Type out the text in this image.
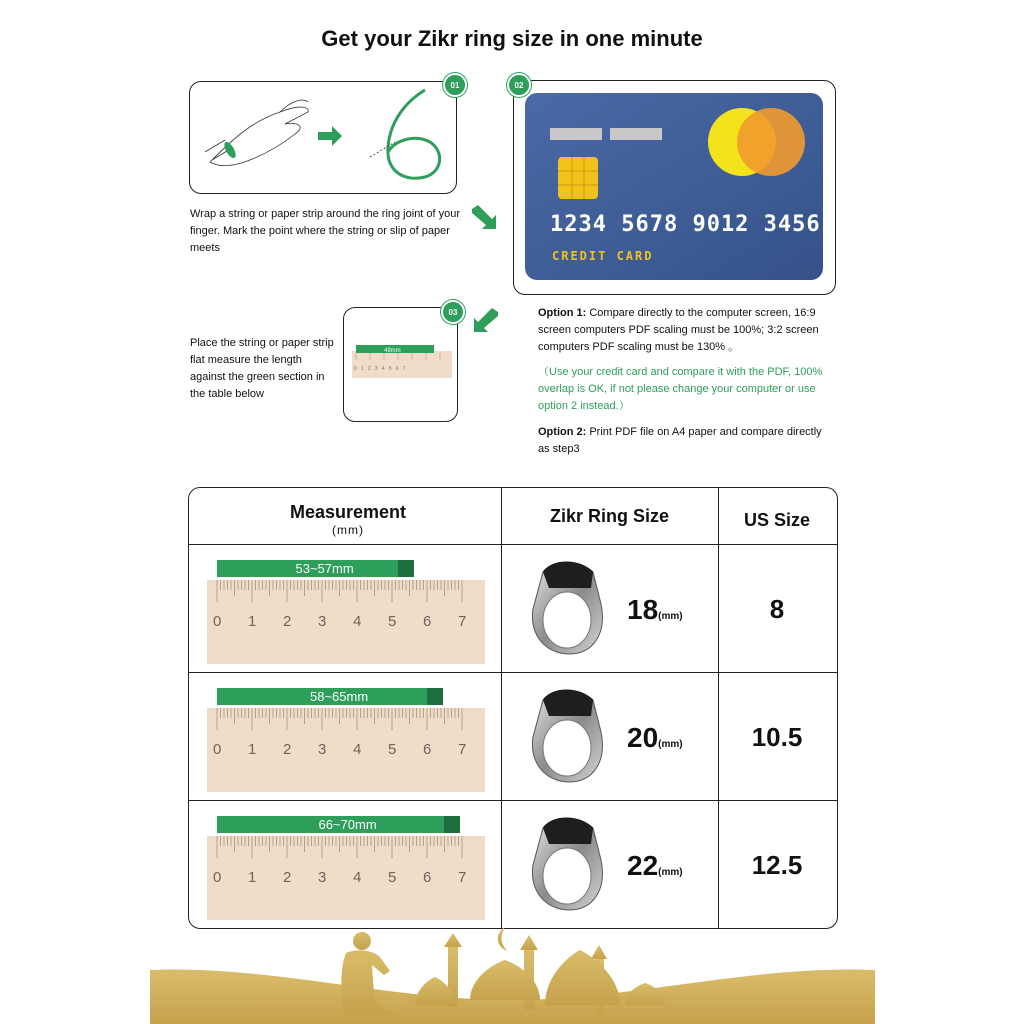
Get your Zikr ring size in one minute
01
Wrap a string or paper strip around the ring joint of your finger. Mark the point where the string or slip of paper meets
1234 5678 9012 3456
CREDIT CARD
02
Place the string or paper strip flat measure the length against the green section in the table below
49mm
0   1   2   3   4   5   6   7
03	Option 1: Compare directly to the computer screen, 16:9 screen computers PDF scaling must be 100%; 3:2 screen computers PDF scaling must be 130% 。
（Use your credit card and compare it with the PDF, 100% overlap is OK, if not please change your computer or use option 2 instead.）
Option 2: Print PDF file on A4 paper and compare directly as step3
Measurement
(mm)
Zikr Ring Size	US Size
53~57mm
0 1 2 3 4 5 6 7	18(mm)	8
58~65mm
0 1 2 3 4 5 6 7	20(mm)	10.5
66~70mm
0 1 2 3 4 5 6 7	22(mm)	12.5
